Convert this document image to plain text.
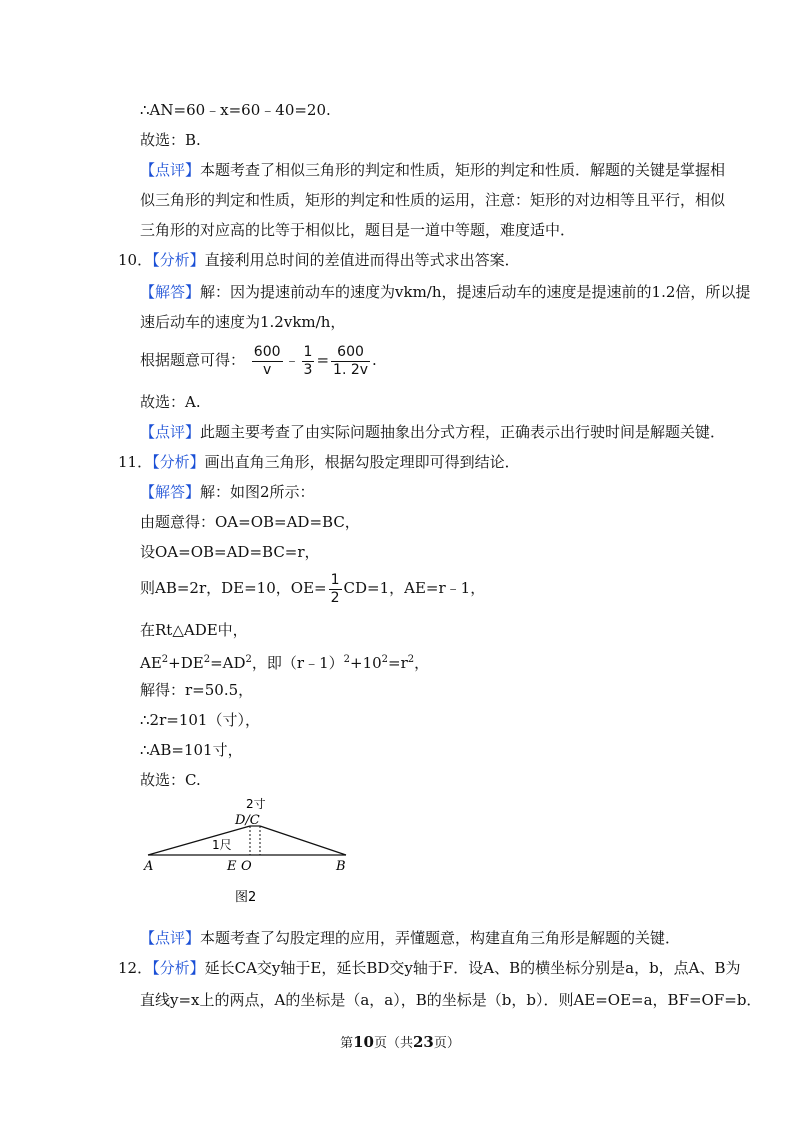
∴AN=60﹣x=60﹣40=20.
故选：B.
【点评】本题考查了相似三角形的判定和性质，矩形的判定和性质．解题的关键是掌握相
似三角形的判定和性质，矩形的判定和性质的运用，注意：矩形的对边相等且平行，相似
三角形的对应高的比等于相似比，题目是一道中等题，难度适中．
10．【分析】直接利用总时间的差值进而得出等式求出答案．
【解答】解：因为提速前动车的速度为vkm/h，提速后动车的速度是提速前的1.2倍，所以提
速后动车的速度为1.2vkm/h，
根据题意可得： $\frac{600}{v}$ ﹣ $\frac{1}{3} = \frac{600}{1. 2v}$ .
故选：A.
【点评】此题主要考查了由实际问题抽象出分式方程，正确表示出行驶时间是解题关键．
11．【分析】画出直角三角形，根据勾股定理即可得到结论．
【解答】解：如图2所示：
由题意得：OA=OB=AD=BC，
设OA=OB=AD=BC=r，
则AB=2r，DE=10，$OE= \frac{1}{2} CD=1$，AE=r﹣1，
在Rt△ADE中，
$AE^2+DE^2=AD^2$，即$(r﹣1)^2+10^2=r^2$，
解得：r=50.5，
∴2r=101（寸），
∴AB=101寸，
故选：C.
2寸
D/C
1尺
A	E O	B
图2
【点评】本题考查了勾股定理的应用，弄懂题意，构建直角三角形是解题的关键．
12．【分析】延长CA交y轴于E，延长BD交y轴于F．设A、B的横坐标分别是a，b，点A、B为
直线y=x上的两点，A的坐标是（a，a），B的坐标是（b，b）．则AE=OE=a，BF=OF=b．
第10页（共23页）
